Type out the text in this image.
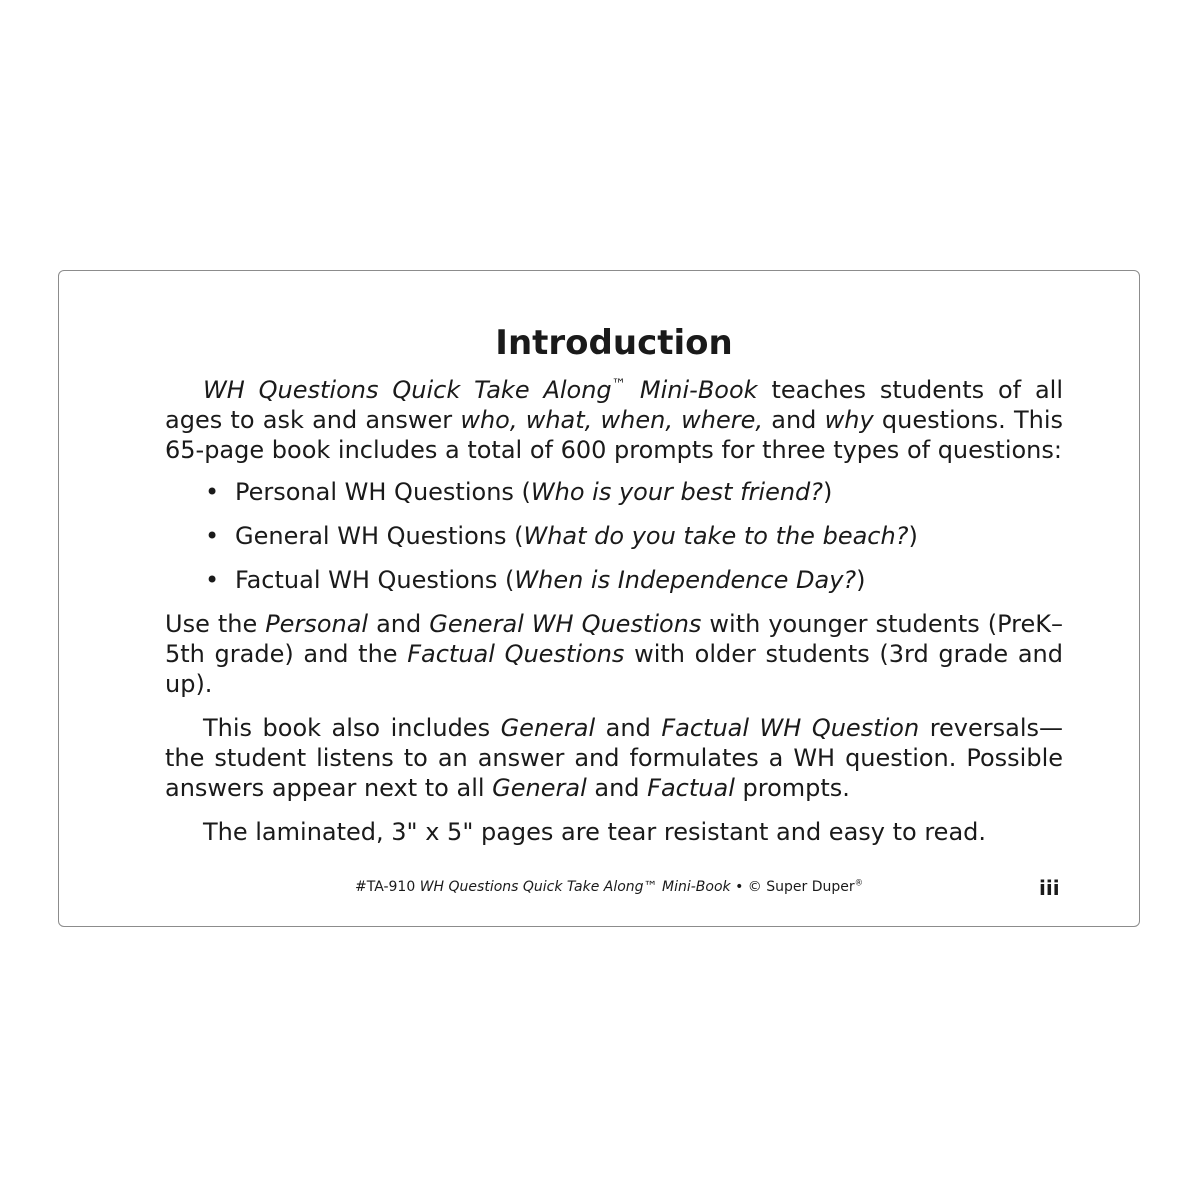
Introduction

WH Questions Quick Take Along™ Mini-Book teaches students of all ages to ask and answer who, what, when, where, and why questions. This 65-page book includes a total of 600 prompts for three types of questions:

• Personal WH Questions (Who is your best friend?)
• General WH Questions (What do you take to the beach?)
• Factual WH Questions (When is Independence Day?)

Use the Personal and General WH Questions with younger students (PreK–5th grade) and the Factual Questions with older students (3rd grade and up).

This book also includes General and Factual WH Question reversals—the student listens to an answer and formulates a WH question. Possible answers appear next to all General and Factual prompts.

The laminated, 3" x 5" pages are tear resistant and easy to read.

#TA-910 WH Questions Quick Take Along™ Mini-Book • © Super Duper®	iii
